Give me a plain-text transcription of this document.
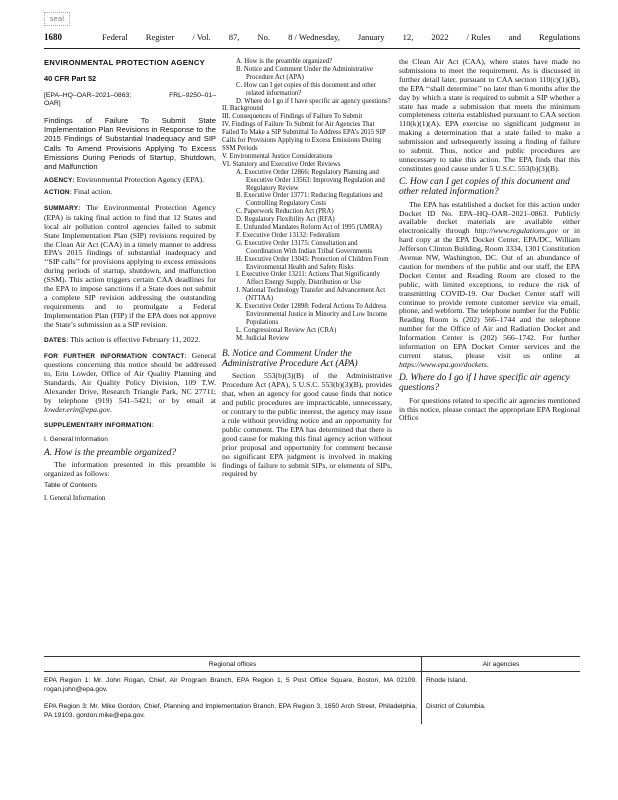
seal
1680	Federal Register / Vol. 87, No. 8 / Wednesday, January 12, 2022 / Rules and Regulations
ENVIRONMENTAL PROTECTION AGENCY
40 CFR Part 52
[EPA–HQ–OAR–2021–0863;
OAR]
FRL–9250–01–
Findings of Failure To Submit State Implementation Plan Revisions in Response to the 2015 Findings of Substantial Inadequacy and SIP Calls To Amend Provisions Applying To Excess Emissions During Periods of Startup, Shutdown, and Malfunction

AGENCY: Environmental Protection Agency (EPA).

ACTION: Final action.

SUMMARY: The Environmental Protection Agency (EPA) is taking final action to find that 12 States and local air pollution control agencies failed to submit State Implementation Plan (SIP) revisions required by the Clean Air Act (CAA) in a timely manner to address EPA’s 2015 findings of substantial inadequacy and ‘‘SIP calls’’ for provisions applying to excess emissions during periods of startup, shutdown, and malfunction (SSM). This action triggers certain CAA deadlines for the EPA to impose sanctions if a State does not submit a complete SIP revision addressing the outstanding requirements and to promulgate a Federal Implementation Plan (FIP) if the EPA does not approve the State’s submission as a SIP revision.

DATES: This action is effective February 11, 2022.

FOR FURTHER INFORMATION CONTACT: General questions concerning this notice should be addressed to, Erin Lowder, Office of Air Quality Planning and Standards, Air Quality Policy Division, 109 T.W. Alexander Drive, Research Triangle Park, NC 27711; by telephone (919) 541–5421; or by email at lowder.erin@epa.gov.

SUPPLEMENTARY INFORMATION:

I. General Information

A. How is the preamble organized?

The information presented in this preamble is organized as follows:

Table of Contents
I. General Information
A. How is the preamble organized?
B. Notice and Comment Under the Administrative Procedure Act (APA)
C. How can I get copies of this document and other related information?
D. Where do I go if I have specific air agency questions?
II. Background
III. Consequences of Findings of Failure To Submit
IV. Findings of Failure To Submit for Air Agencies That Failed To Make a SIP Submittal To Address EPA’s 2015 SIP Calls for Provisions Applying to Excess Emissions During SSM Periods
V. Environmental Justice Considerations
VI. Statutory and Executive Order Reviews
A. Executive Order 12866: Regulatory Planning and Executive Order 13563: Improving Regulation and Regulatory Review
B. Executive Order 13771: Reducing Regulations and Controlling Regulatory Costs
C. Paperwork Reduction Act (PRA)
D. Regulatory Flexibility Act (RFA)
E. Unfunded Mandates Reform Act of 1995 (UMRA)
F. Executive Order 13132: Federalism
G. Executive Order 13175: Consultation and Coordination With Indian Tribal Governments
H. Executive Order 13045: Protection of Children From Environmental Health and Safety Risks
I. Executive Order 13211: Actions That Significantly Affect Energy Supply, Distribution or Use
J. National Technology Transfer and Advancement Act (NTTAA)
K. Executive Order 12898: Federal Actions To Address Environmental Justice in Minority and Low Income Populations
L. Congressional Review Act (CRA)
M. Judicial Review
B. Notice and Comment Under the Administrative Procedure Act (APA)

Section 553(b)(3)(B) of the Administrative Procedure Act (APA), 5 U.S.C. 553(b)(3)(B), provides that, when an agency for good cause finds that notice and public procedures are impracticable, unnecessary, or contrary to the public interest, the agency may issue a rule without providing notice and an opportunity for public comment. The EPA has determined that there is good cause for making this final agency action without prior proposal and opportunity for comment because no significant EPA judgment is involved in making findings of failure to submit SIPs, or elements of SIPs, required by

the Clean Air Act (CAA), where states have made no submissions to meet the requirement. As is discussed in further detail later, pursuant to CAA section 110(c)(1)(B), the EPA ‘‘shall determine’’ no later than 6 months after the day by which a state is required to submit a SIP whether a state has made a submission that meets the minimum completeness criteria established pursuant to CAA section 110(k)(1)(A). EPA exercise no significant judgment in making a determination that a state failed to make a submission and subsequently issuing a finding of failure to submit. Thus, notice and public procedures are unnecessary to take this action. The EPA finds that this constitutes good cause under 5 U.S.C. 553(b)(3)(B).

C. How can I get copies of this document and other related information?

The EPA has established a docket for this action under Docket ID No. EPA–HQ–OAR–2021–0863. Publicly available docket materials are available either electronically through http://www.regulations.gov or in hard copy at the EPA Docket Center, EPA/DC, William Jefferson Clinton Building, Room 3334, 1301 Constitution Avenue NW, Washington, DC. Out of an abundance of caution for members of the public and our staff, the EPA Docket Center and Reading Room are closed to the public, with limited exceptions, to reduce the risk of transmitting COVID-19. Our Docket Center staff will continue to provide remote customer service via email, phone, and webform. The telephone number for the Public Reading Room is (202) 566–1744 and the telephone number for the Office of Air and Radiation Docket and Information Center is (202) 566–1742. For further information on EPA Docket Center services and the current status, please visit us online at https://www.epa.gov/dockets.

D. Where do I go if I have specific air agency questions?

For questions related to specific air agencies mentioned in this notice, please contact the appropriate EPA Regional Office

Regional offices	Air agencies
EPA Region 1: Mr. John Rogan, Chief, Air Program Branch, EPA Region 1, 5 Post Office Square, Boston, MA 02109. rogan.john@epa.gov.
Rhode Island.
EPA Region 3: Mr. Mike Gordon, Chief, Planning and Implementation Branch, EPA Region 3, 1650 Arch Street, Philadelphia, PA 19103. gordon.mike@epa.gov.
District of Columbia.
